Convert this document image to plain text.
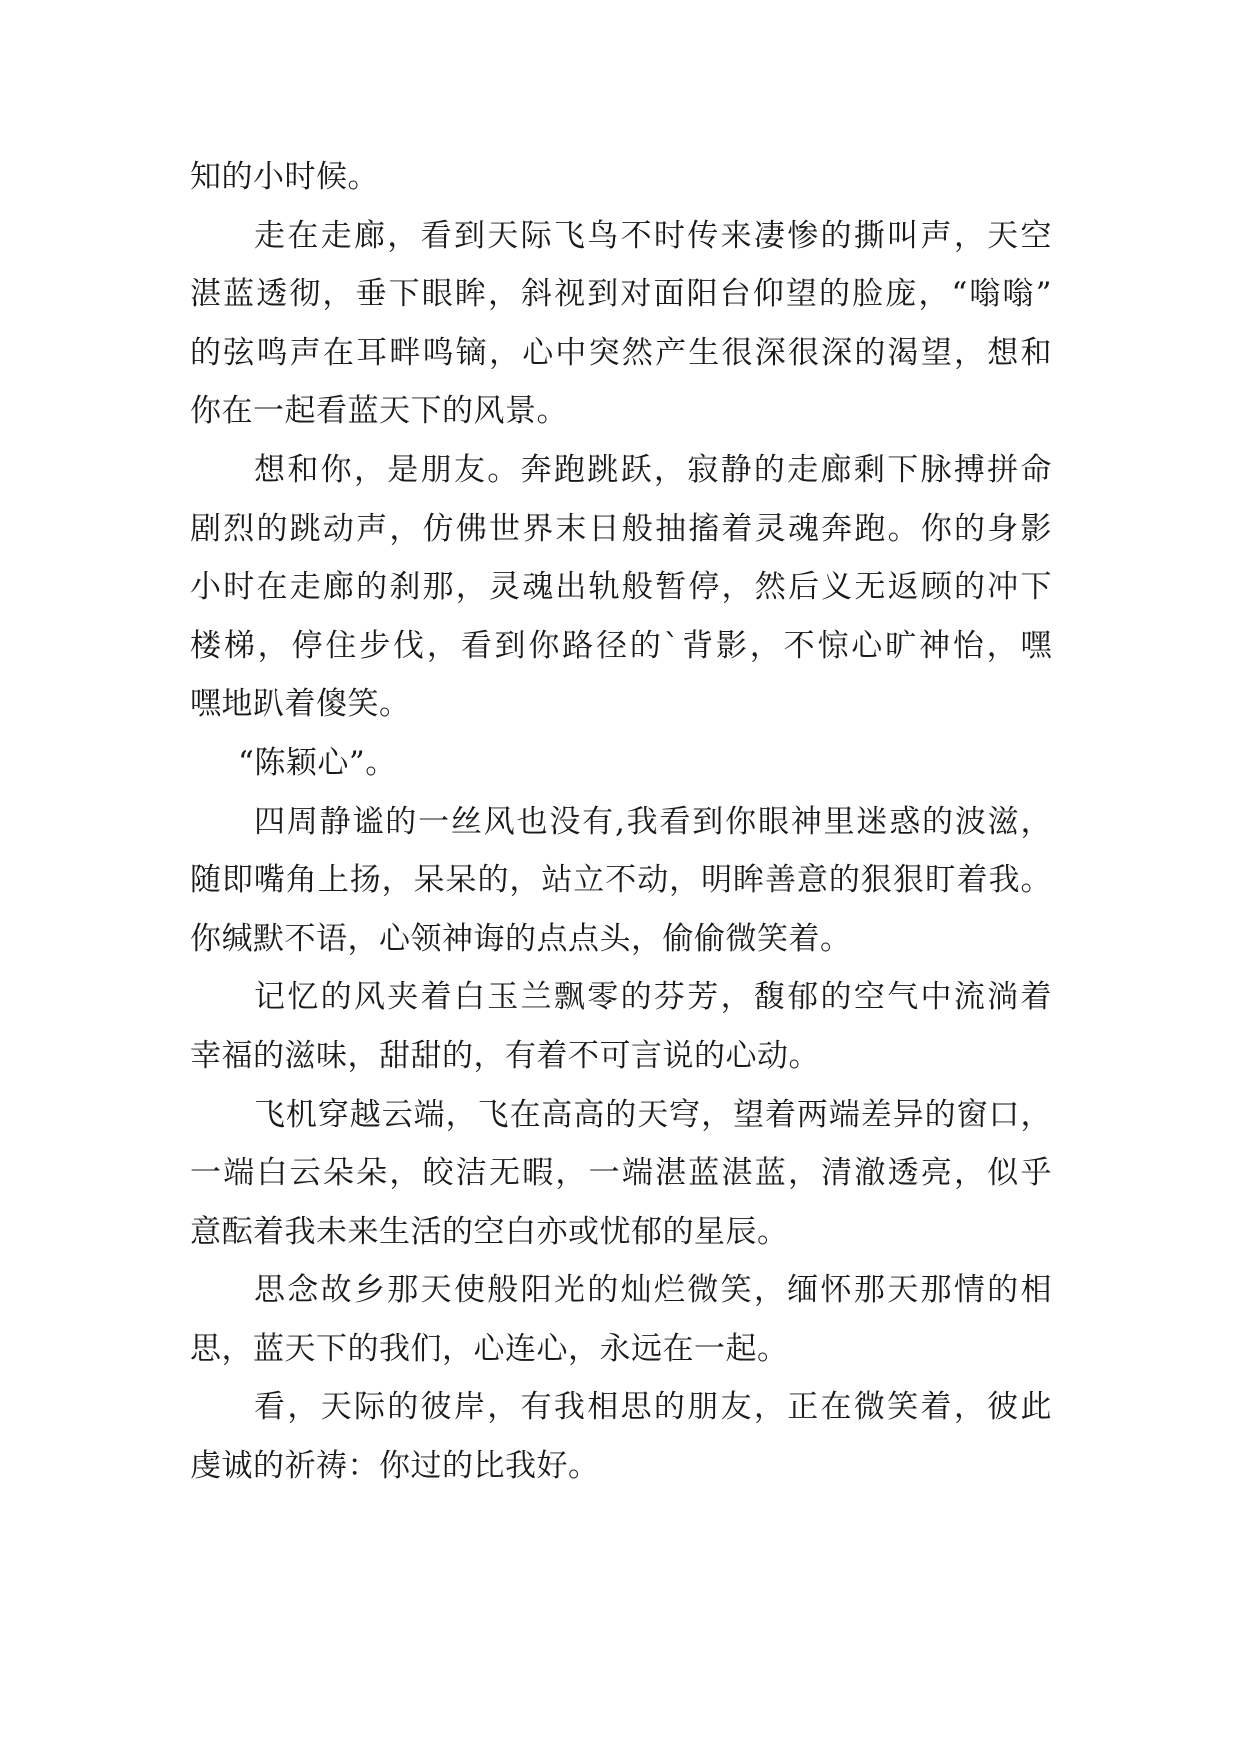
知的小时候。
走在走廊，看到天际飞鸟不时传来凄惨的撕叫声，天空
湛蓝透彻，垂下眼眸，斜视到对面阳台仰望的脸庞，“嗡嗡”
的弦鸣声在耳畔鸣镝，心中突然产生很深很深的渴望，想和
你在一起看蓝天下的风景。
想和你，是朋友。奔跑跳跃，寂静的走廊剩下脉搏拼命
剧烈的跳动声，仿佛世界末日般抽搐着灵魂奔跑。你的身影
小时在走廊的刹那，灵魂出轨般暂停，然后义无返顾的冲下
楼梯，停住步伐，看到你路径的`背影，不惊心旷神怡，嘿
嘿地趴着傻笑。
“陈颖心”。
四周静谧的一丝风也没有,我看到你眼神里迷惑的波滋，
随即嘴角上扬，呆呆的，站立不动，明眸善意的狠狠盯着我。
你缄默不语，心领神诲的点点头，偷偷微笑着。
记忆的风夹着白玉兰飘零的芬芳，馥郁的空气中流淌着
幸福的滋味，甜甜的，有着不可言说的心动。
飞机穿越云端，飞在高高的天穹，望着两端差异的窗口，
一端白云朵朵，皎洁无暇，一端湛蓝湛蓝，清澈透亮，似乎
意酝着我未来生活的空白亦或忧郁的星辰。
思念故乡那天使般阳光的灿烂微笑，缅怀那天那情的相
思，蓝天下的我们，心连心，永远在一起。
看，天际的彼岸，有我相思的朋友，正在微笑着，彼此
虔诚的祈祷：你过的比我好。
